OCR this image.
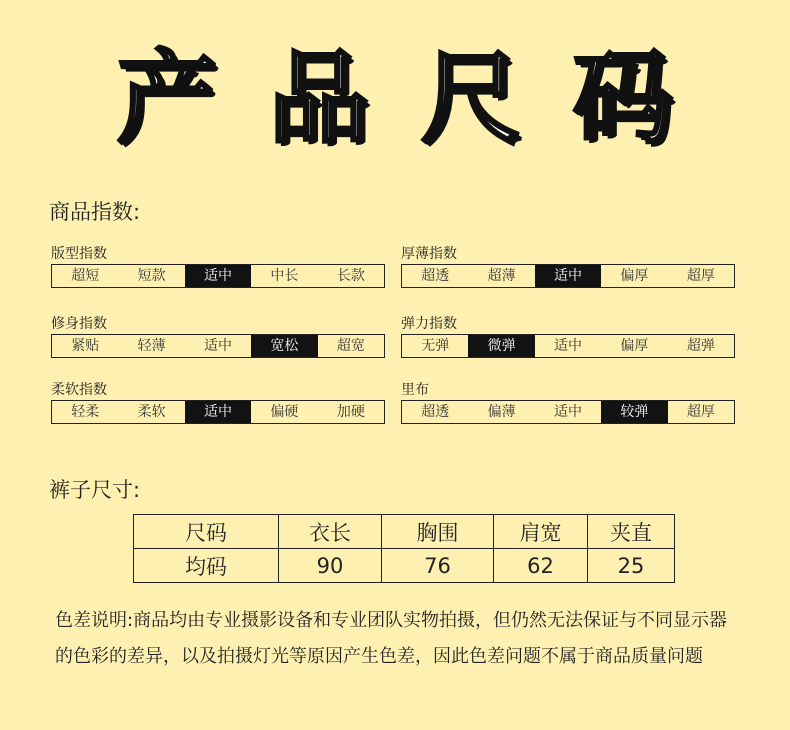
产 品 尺 码
商品指数:
版型指数
超短	短款	适中	中长	长款
厚薄指数
超透	超薄	适中	偏厚	超厚
修身指数
紧贴	轻薄	适中	宽松	超宽
弹力指数
无弹	微弹	适中	偏厚	超弹
柔软指数
轻柔	柔软	适中	偏硬	加硬
里布
超透	偏薄	适中	较弹	超厚
裤子尺寸:
尺码	衣长	胸围	肩宽	夹直
均码	90	76	62	25
色差说明:商品均由专业摄影设备和专业团队实物拍摄，但仍然无法保证与不同显示器的色彩的差异，以及拍摄灯光等原因产生色差，因此色差问题不属于商品质量问题
